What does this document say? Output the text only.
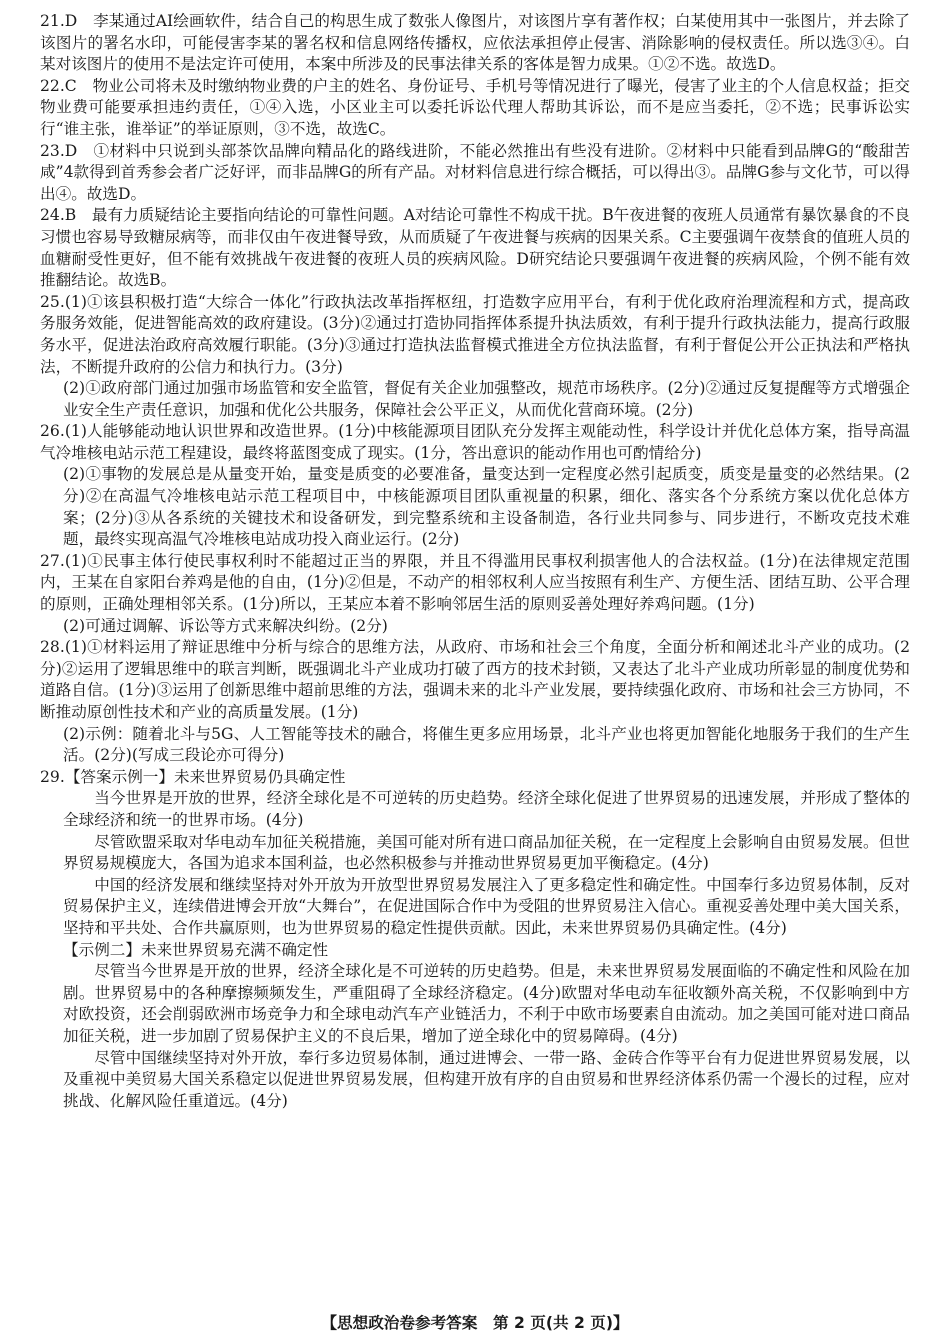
21.D　李某通过AI绘画软件，结合自己的构思生成了数张人像图片，对该图片享有著作权；白某使用其中一张图片，并去除了该图片的署名水印，可能侵害李某的署名权和信息网络传播权，应依法承担停止侵害、消除影响的侵权责任。所以选③④。白某对该图片的使用不是法定许可使用，本案中所涉及的民事法律关系的客体是智力成果。①②不选。故选D。

22.C　物业公司将未及时缴纳物业费的户主的姓名、身份证号、手机号等情况进行了曝光，侵害了业主的个人信息权益；拒交物业费可能要承担违约责任，①④入选，小区业主可以委托诉讼代理人帮助其诉讼，而不是应当委托，②不选；民事诉讼实行“谁主张，谁举证”的举证原则，③不选，故选C。

23.D　①材料中只说到头部茶饮品牌向精品化的路线进阶，不能必然推出有些没有进阶。②材料中只能看到品牌G的“酸甜苦咸”4款得到首秀参会者广泛好评，而非品牌G的所有产品。对材料信息进行综合概括，可以得出③。品牌G参与文化节，可以得出④。故选D。

24.B　最有力质疑结论主要指向结论的可靠性问题。A对结论可靠性不构成干扰。B午夜进餐的夜班人员通常有暴饮暴食的不良习惯也容易导致糖尿病等，而非仅由午夜进餐导致，从而质疑了午夜进餐与疾病的因果关系。C主要强调午夜禁食的值班人员的血糖耐受性更好，但不能有效挑战午夜进餐的夜班人员的疾病风险。D研究结论只要强调午夜进餐的疾病风险，个例不能有效推翻结论。故选B。

25.(1)①该县积极打造“大综合一体化”行政执法改革指挥枢纽，打造数字应用平台，有利于优化政府治理流程和方式，提高政务服务效能，促进智能高效的政府建设。(3分)②通过打造协同指挥体系提升执法质效，有利于提升行政执法能力，提高行政服务水平，促进法治政府高效履行职能。(3分)③通过打造执法监督模式推进全方位执法监督，有利于督促公开公正执法和严格执法，不断提升政府的公信力和执行力。(3分)

(2)①政府部门通过加强市场监管和安全监管，督促有关企业加强整改，规范市场秩序。(2分)②通过反复提醒等方式增强企业安全生产责任意识，加强和优化公共服务，保障社会公平正义，从而优化营商环境。(2分)

26.(1)人能够能动地认识世界和改造世界。(1分)中核能源项目团队充分发挥主观能动性，科学设计并优化总体方案，指导高温气冷堆核电站示范工程建设，最终将蓝图变成了现实。(1分，答出意识的能动作用也可酌情给分)

(2)①事物的发展总是从量变开始，量变是质变的必要准备，量变达到一定程度必然引起质变，质变是量变的必然结果。(2分)②在高温气冷堆核电站示范工程项目中，中核能源项目团队重视量的积累，细化、落实各个分系统方案以优化总体方案；(2分)③从各系统的关键技术和设备研发，到完整系统和主设备制造，各行业共同参与、同步进行，不断攻克技术难题，最终实现高温气冷堆核电站成功投入商业运行。(2分)

27.(1)①民事主体行使民事权利时不能超过正当的界限，并且不得滥用民事权利损害他人的合法权益。(1分)在法律规定范围内，王某在自家阳台养鸡是他的自由，(1分)②但是，不动产的相邻权利人应当按照有利生产、方便生活、团结互助、公平合理的原则，正确处理相邻关系。(1分)所以，王某应本着不影响邻居生活的原则妥善处理好养鸡问题。(1分)

(2)可通过调解、诉讼等方式来解决纠纷。(2分)

28.(1)①材料运用了辩证思维中分析与综合的思维方法，从政府、市场和社会三个角度，全面分析和阐述北斗产业的成功。(2分)②运用了逻辑思维中的联言判断，既强调北斗产业成功打破了西方的技术封锁，又表达了北斗产业成功所彰显的制度优势和道路自信。(1分)③运用了创新思维中超前思维的方法，强调未来的北斗产业发展，要持续强化政府、市场和社会三方协同，不断推动原创性技术和产业的高质量发展。(1分)

(2)示例：随着北斗与5G、人工智能等技术的融合，将催生更多应用场景，北斗产业也将更加智能化地服务于我们的生产生活。(2分)(写成三段论亦可得分)

29.【答案示例一】未来世界贸易仍具确定性

当今世界是开放的世界，经济全球化是不可逆转的历史趋势。经济全球化促进了世界贸易的迅速发展，并形成了整体的全球经济和统一的世界市场。(4分)

尽管欧盟采取对华电动车加征关税措施，美国可能对所有进口商品加征关税，在一定程度上会影响自由贸易发展。但世界贸易规模庞大，各国为追求本国利益，也必然积极参与并推动世界贸易更加平衡稳定。(4分)

中国的经济发展和继续坚持对外开放为开放型世界贸易发展注入了更多稳定性和确定性。中国奉行多边贸易体制，反对贸易保护主义，连续借进博会开放“大舞台”，在促进国际合作中为受阻的世界贸易注入信心。重视妥善处理中美大国关系，坚持和平共处、合作共赢原则，也为世界贸易的稳定性提供贡献。因此，未来世界贸易仍具确定性。(4分)

【示例二】未来世界贸易充满不确定性

尽管当今世界是开放的世界，经济全球化是不可逆转的历史趋势。但是，未来世界贸易发展面临的不确定性和风险在加剧。世界贸易中的各种摩擦频频发生，严重阻碍了全球经济稳定。(4分)欧盟对华电动车征收额外高关税，不仅影响到中方对欧投资，还会削弱欧洲市场竞争力和全球电动汽车产业链活力，不利于中欧市场要素自由流动。加之美国可能对进口商品加征关税，进一步加剧了贸易保护主义的不良后果，增加了逆全球化中的贸易障碍。(4分)

尽管中国继续坚持对外开放，奉行多边贸易体制，通过进博会、一带一路、金砖合作等平台有力促进世界贸易发展，以及重视中美贸易大国关系稳定以促进世界贸易发展，但构建开放有序的自由贸易和世界经济体系仍需一个漫长的过程，应对挑战、化解风险任重道远。(4分)

【思想政治卷参考答案　第 2 页(共 2 页)】
